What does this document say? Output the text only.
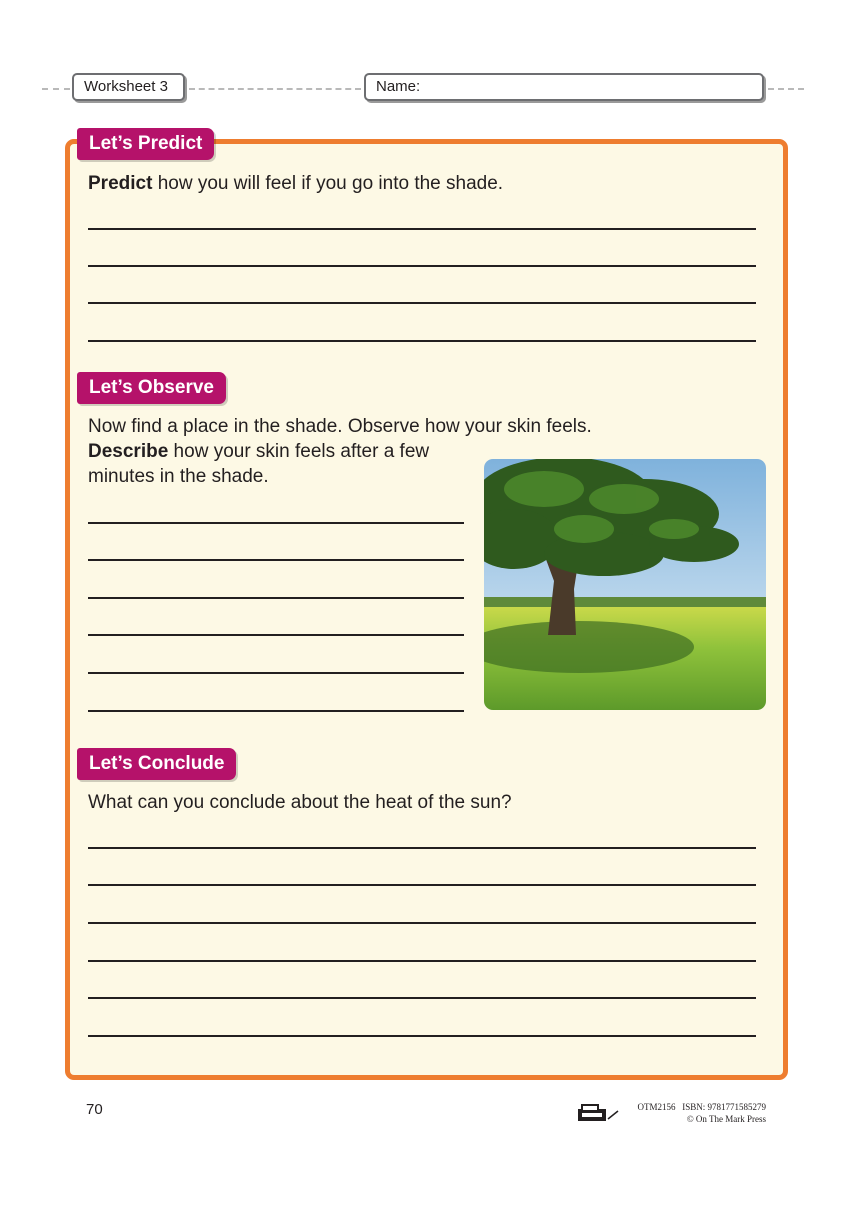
Worksheet 3	Name:
Let’s Predict
Predict how you will feel if you go into the shade.
Let’s Observe
Now find a place in the shade. Observe how your skin feels.
Describe how your skin feels after a few
minutes in the shade.
Let’s Conclude
What can you conclude about the heat of the sun?
70	OTM2156 ISBN: 9781771585279
© On The Mark Press
